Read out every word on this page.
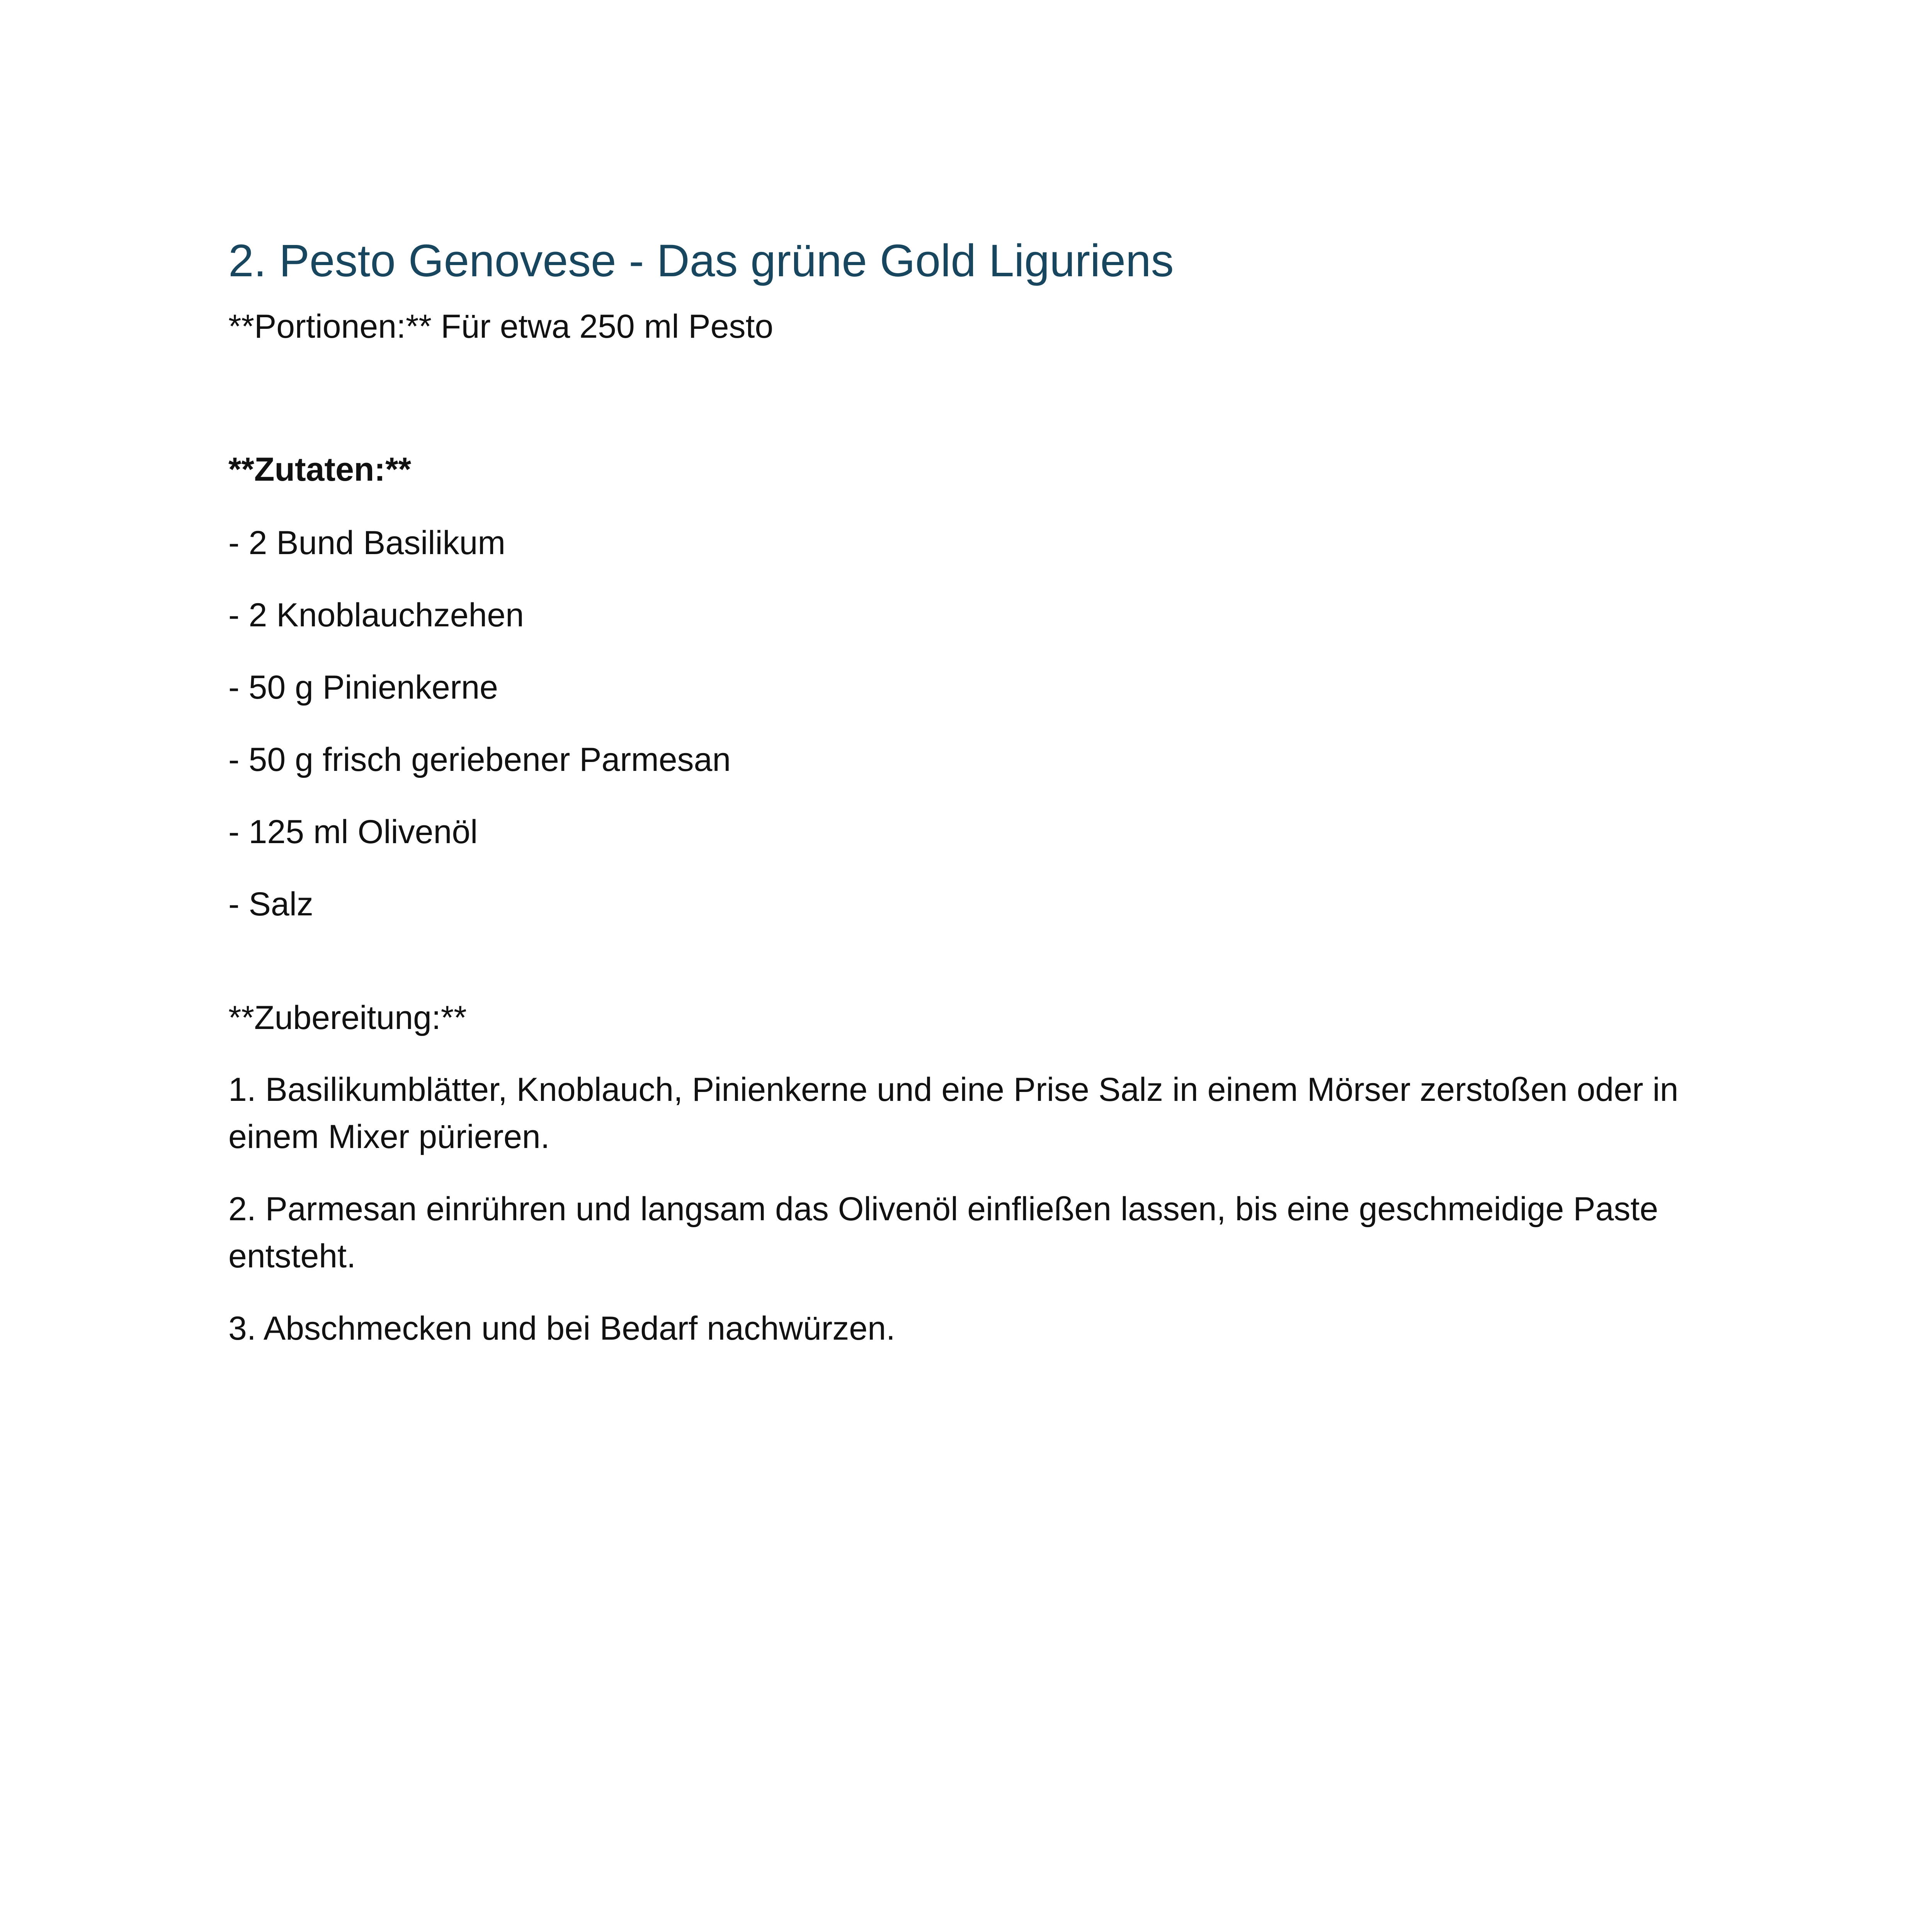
2. Pesto Genovese - Das grüne Gold Liguriens

**Portionen:** Für etwa 250 ml Pesto

**Zutaten:**

- 2 Bund Basilikum
- 2 Knoblauchzehen
- 50 g Pinienkerne
- 50 g frisch geriebener Parmesan
- 125 ml Olivenöl
- Salz

**Zubereitung:**

1. Basilikumblätter, Knoblauch, Pinienkerne und eine Prise Salz in einem Mörser zerstoßen oder in einem Mixer pürieren.
2. Parmesan einrühren und langsam das Olivenöl einfließen lassen, bis eine geschmeidige Paste entsteht.
3. Abschmecken und bei Bedarf nachwürzen.
